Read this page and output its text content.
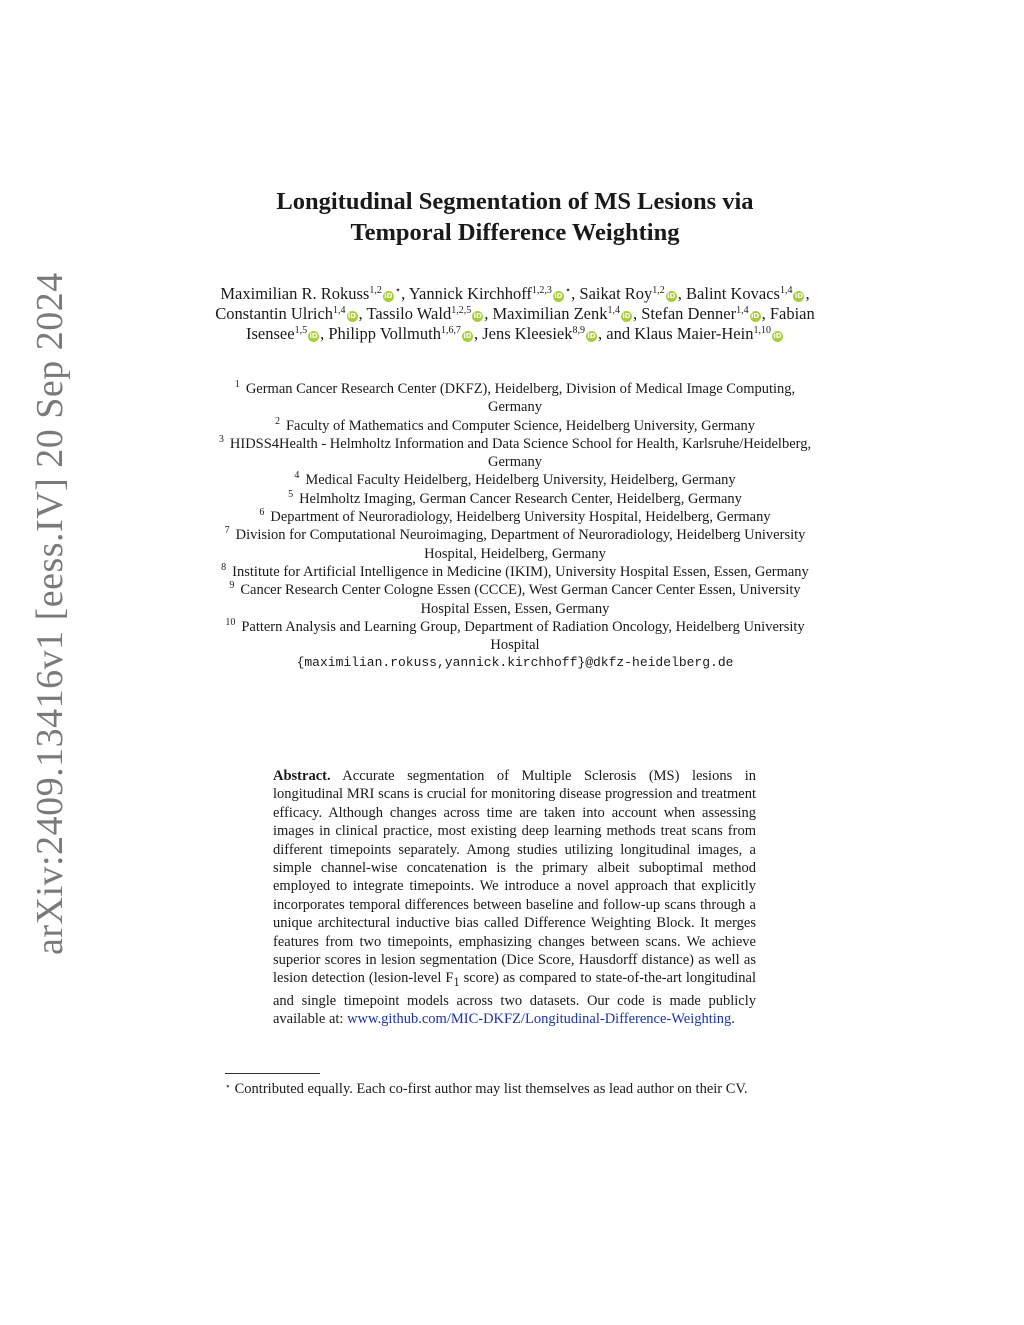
arXiv:2409.13416v1 [eess.IV] 20 Sep 2024
Longitudinal Segmentation of MS Lesions via
Temporal Difference Weighting
Maximilian R. Rokuss$^{1,2}$ iD ⋆, Yannick Kirchhoff$^{1,2,3}$ iD ⋆, Saikat Roy$^{1,2}$ iD , Balint Kovacs$^{1,4}$ iD , Constantin Ulrich$^{1,4}$ iD , Tassilo Wald$^{1,2,5}$ iD , Maximilian Zenk$^{1,4}$ iD , Stefan Denner$^{1,4}$ iD , Fabian Isensee$^{1,5}$ iD , Philipp Vollmuth$^{1,6,7}$ iD , Jens Kleesiek$^{8,9}$ iD , and Klaus Maier-Hein$^{1,10}$ iD
$^1$ German Cancer Research Center (DKFZ), Heidelberg, Division of Medical Image Computing, Germany
$^2$ Faculty of Mathematics and Computer Science, Heidelberg University, Germany
$^3$ HIDSS4Health - Helmholtz Information and Data Science School for Health, Karlsruhe/Heidelberg, Germany
$^4$ Medical Faculty Heidelberg, Heidelberg University, Heidelberg, Germany
$^5$ Helmholtz Imaging, German Cancer Research Center, Heidelberg, Germany
$^6$ Department of Neuroradiology, Heidelberg University Hospital, Heidelberg, Germany
$^7$ Division for Computational Neuroimaging, Department of Neuroradiology, Heidelberg University Hospital, Heidelberg, Germany
$^8$ Institute for Artificial Intelligence in Medicine (IKIM), University Hospital Essen, Essen, Germany
$^9$ Cancer Research Center Cologne Essen (CCCE), West German Cancer Center Essen, University Hospital Essen, Essen, Germany
$^{10}$ Pattern Analysis and Learning Group, Department of Radiation Oncology, Heidelberg University Hospital
{maximilian.rokuss,yannick.kirchhoff}@dkfz-heidelberg.de
Abstract. Accurate segmentation of Multiple Sclerosis (MS) lesions in longitudinal MRI scans is crucial for monitoring disease progression and treatment efficacy. Although changes across time are taken into account when assessing images in clinical practice, most existing deep learning methods treat scans from different timepoints separately. Among studies utilizing longitudinal images, a simple channel-wise concatenation is the primary albeit suboptimal method employed to integrate timepoints. We introduce a novel approach that explicitly incorporates temporal differences between baseline and follow-up scans through a unique architectural inductive bias called Difference Weighting Block. It merges features from two timepoints, emphasizing changes between scans. We achieve superior scores in lesion segmentation (Dice Score, Hausdorff distance) as well as lesion detection (lesion-level $F_1$ score) as compared to state-of-the-art longitudinal and single timepoint models across two datasets. Our code is made publicly available at: www.github.com/MIC-DKFZ/Longitudinal-Difference-Weighting.
⋆ Contributed equally. Each co-first author may list themselves as lead author on their CV.
